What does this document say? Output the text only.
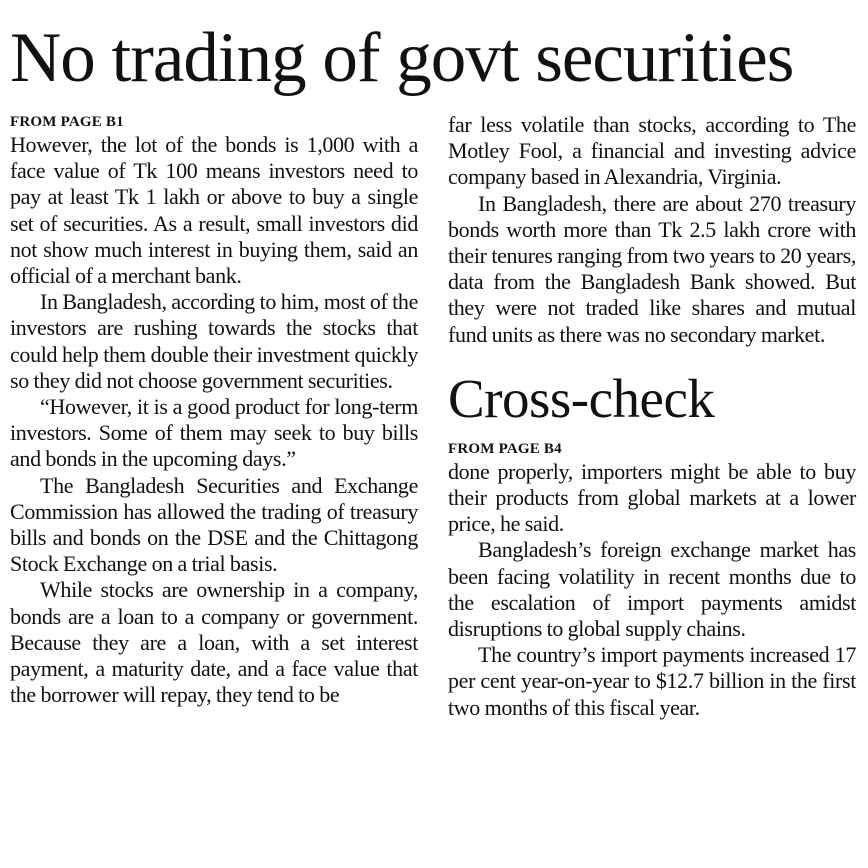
No trading of govt securities
FROM PAGE B1

However, the lot of the bonds is 1,000 with a face value of Tk 100 means investors need to pay at least Tk 1 lakh or above to buy a single set of securities. As a result, small investors did not show much interest in buying them, said an official of a merchant bank.

In Bangladesh, according to him, most of the investors are rushing towards the stocks that could help them double their investment quickly so they did not choose government securities.

“However, it is a good product for long-term investors. Some of them may seek to buy bills and bonds in the upcoming days.”

The Bangladesh Securities and Exchange Commission has allowed the trading of treasury bills and bonds on the DSE and the Chittagong Stock Exchange on a trial basis.

While stocks are ownership in a company, bonds are a loan to a company or government. Because they are a loan, with a set interest payment, a maturity date, and a face value that the borrower will repay, they tend to be

far less volatile than stocks, according to The Motley Fool, a financial and investing advice company based in Alexandria, Virginia.

In Bangladesh, there are about 270 treasury bonds worth more than Tk 2.5 lakh crore with their tenures ranging from two years to 20 years, data from the Bangladesh Bank showed. But they were not traded like shares and mutual fund units as there was no secondary market.

Cross-check
FROM PAGE B4

done properly, importers might be able to buy their products from global markets at a lower price, he said.

Bangladesh’s foreign exchange market has been facing volatility in recent months due to the escalation of import payments amidst disruptions to global supply chains.

The country’s import payments increased 17 per cent year-on-year to $12.7 billion in the first two months of this fiscal year.
